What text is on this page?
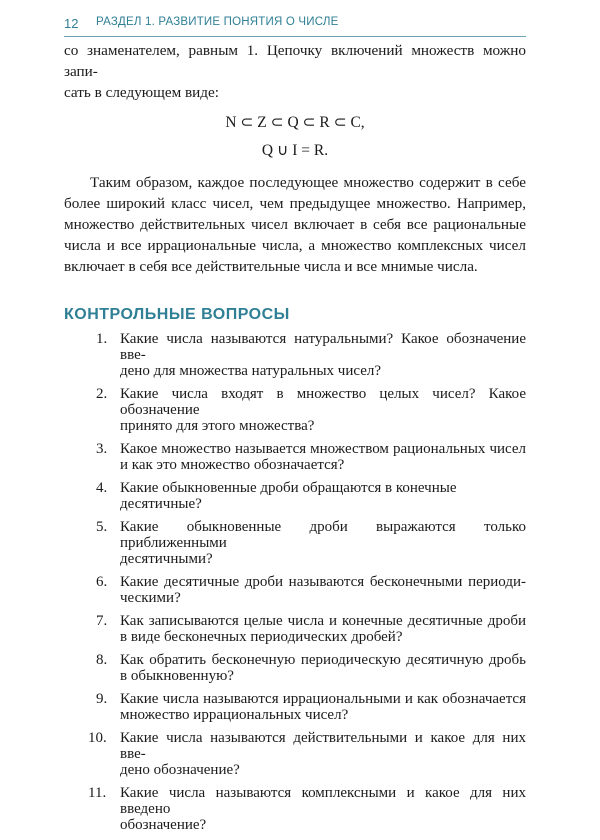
12 РАЗДЕЛ 1. РАЗВИТИЕ ПОНЯТИЯ О ЧИСЛЕ

со знаменателем, равным 1. Цепочку включений множеств можно запи-
сать в следующем виде:

N ⊂ Z ⊂ Q ⊂ R ⊂ C,

Q ∪ I = R.

Таким образом, каждое последующее множество содержит в себе
более широкий класс чисел, чем предыдущее множество. Например,
множество действительных чисел включает в себя все рациональные
числа и все иррациональные числа, а множество комплексных чисел
включает в себя все действительные числа и все мнимые числа.

КОНТРОЛЬНЫЕ ВОПРОСЫ
1. Какие числа называются натуральными? Какое обозначение вве-
дено для множества натуральных чисел?
2. Какие числа входят в множество целых чисел? Какое обозначение
принято для этого множества?
3. Какое множество называется множеством рациональных чисел
и как это множество обозначается?
4. Какие обыкновенные дроби обращаются в конечные десятичные?
5. Какие обыкновенные дроби выражаются только приближенными
десятичными?
6. Какие десятичные дроби называются бесконечными периоди-
ческими?
7. Как записываются целые числа и конечные десятичные дроби
в виде бесконечных периодических дробей?
8. Как обратить бесконечную периодическую десятичную дробь
в обыкновенную?
9. Какие числа называются иррациональными и как обозначается
множество иррациональных чисел?
10. Какие числа называются действительными и какое для них вве-
дено обозначение?
11. Какие числа называются комплексными и какое для них введено
обозначение?
